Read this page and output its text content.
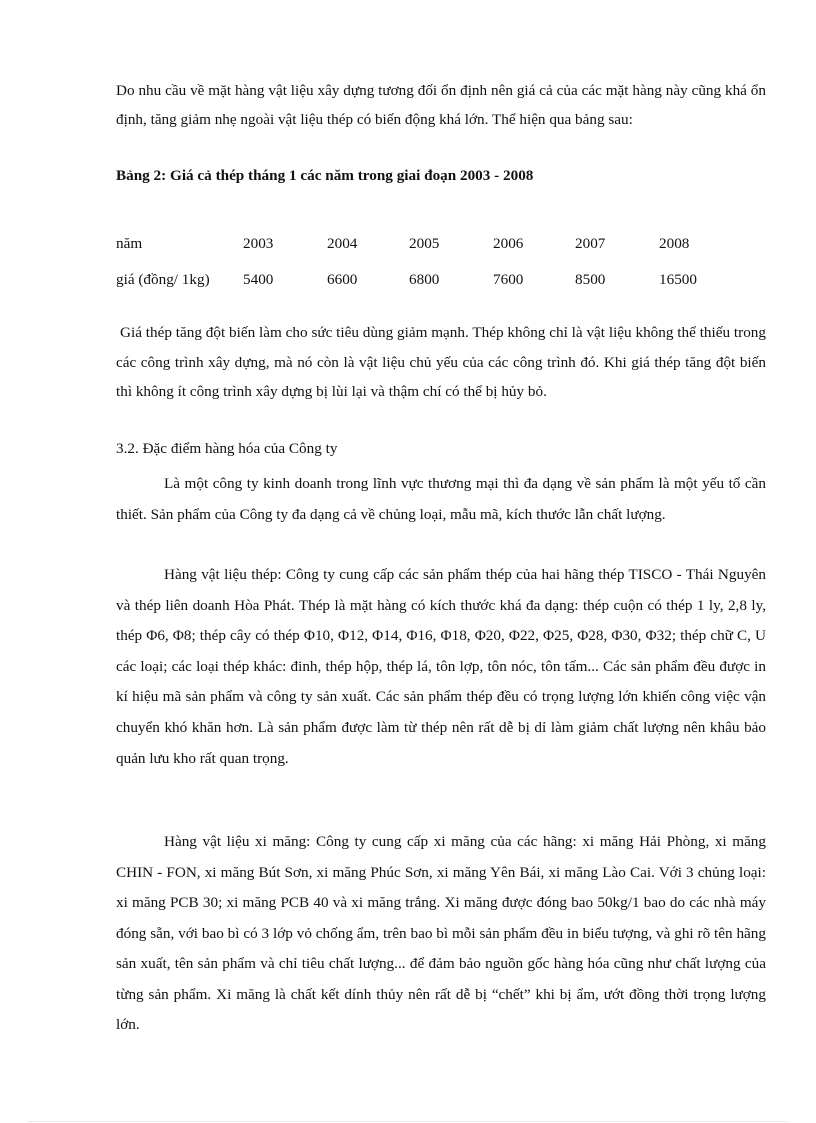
Do nhu cầu về mặt hàng vật liệu xây dựng tương đối ổn định nên giá cả của các mặt hàng này cũng khá ổn định, tăng giảm nhẹ ngoài vật liệu thép có biến động khá lớn. Thể hiện qua bảng sau:

Bảng 2: Giá cả thép tháng 1 các năm trong giai đoạn 2003 - 2008

năm	2003	2004	2005	2006	2007	2008
giá (đồng/ 1kg)	5400	6600	6800	7600	8500	16500

Giá thép tăng đột biến làm cho sức tiêu dùng giảm mạnh. Thép không chỉ là vật liệu không thể thiếu trong các công trình xây dựng, mà nó còn là vật liệu chủ yếu của các công trình đó. Khi giá thép tăng đột biến thì không ít công trình xây dựng bị lùi lại và thậm chí có thể bị hủy bỏ.

3.2. Đặc điểm hàng hóa của Công ty

Là một công ty kinh doanh trong lĩnh vực thương mại thì đa dạng về sản phẩm là một yếu tố cần thiết. Sản phẩm của Công ty đa dạng cả về chủng loại, mẫu mã, kích thước lẫn chất lượng.

Hàng vật liệu thép: Công ty cung cấp các sản phẩm thép của hai hãng thép TISCO - Thái Nguyên và thép liên doanh Hòa Phát. Thép là mặt hàng có kích thước khá đa dạng: thép cuộn có thép 1 ly, 2,8 ly, thép Φ6, Φ8; thép cây có thép Φ10, Φ12, Φ14, Φ16, Φ18, Φ20, Φ22, Φ25, Φ28, Φ30, Φ32; thép chữ C, U các loại; các loại thép khác: đinh, thép hộp, thép lá, tôn lợp, tôn nóc, tôn tấm... Các sản phẩm đều được in kí hiệu mã sản phẩm và công ty sản xuất. Các sản phẩm thép đều có trọng lượng lớn khiến công việc vận chuyển khó khăn hơn. Là sản phẩm được làm từ thép nên rất dễ bị dỉ làm giảm chất lượng nên khâu bảo quản lưu kho rất quan trọng.

Hàng vật liệu xi măng: Công ty cung cấp xi măng của các hãng: xi măng Hải Phòng, xi măng CHIN - FON, xi măng Bút Sơn, xi măng Phúc Sơn, xi măng Yên Bái, xi măng Lào Cai. Với 3 chủng loại: xi măng PCB 30; xi măng PCB 40 và xi măng trắng. Xi măng được đóng bao 50kg/1 bao do các nhà máy đóng sẵn, với bao bì có 3 lớp vỏ chống ẩm, trên bao bì mỗi sản phẩm đều in biểu tượng, và ghi rõ tên hãng sản xuất, tên sản phẩm và chỉ tiêu chất lượng... để đảm bảo nguồn gốc hàng hóa cũng như chất lượng của từng sản phẩm. Xi măng là chất kết dính thủy nên rất dễ bị “chết” khi bị ẩm, ướt đồng thời trọng lượng lớn.
